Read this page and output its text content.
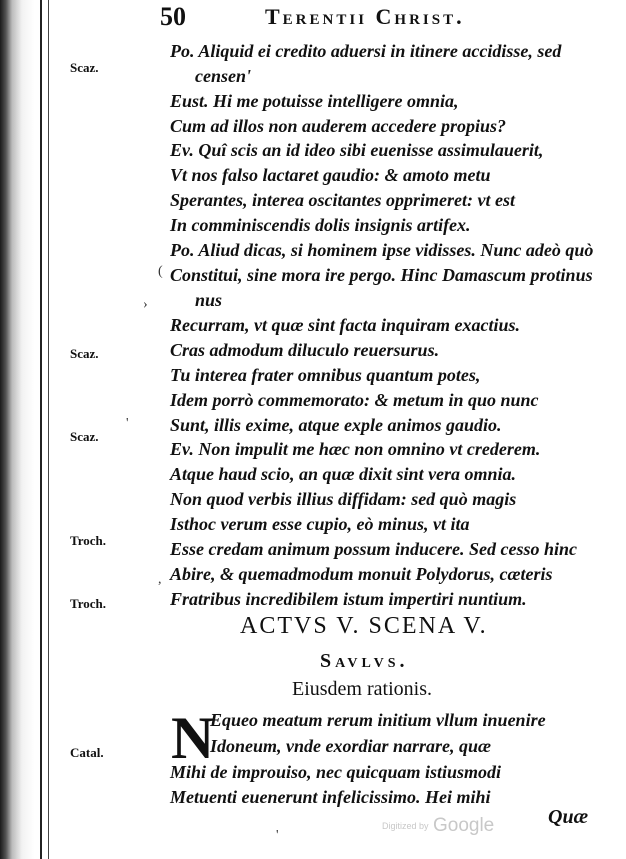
50	Terentii Christ.
Po. Aliquid ei credito aduersi in itinere accidisse, sed
censen'
Eust. Hi me potuisse intelligere omnia,
Cum ad illos non auderem accedere propius?
Ev. Quî scis an id ideo sibi euenisse assimulauerit,
Vt nos falso lactaret gaudio: & amoto metu
Sperantes, interea oscitantes opprimeret: vt est
In comminiscendis dolis insignis artifex.
Po. Aliud dicas, si hominem ipse vidisses. Nunc adeò quò
Constitui, sine mora ire pergo. Hinc Damascum protinus
nus
Recurram, vt quæ sint facta inquiram exactius.
Cras admodum diluculo reuersurus.
Tu interea frater omnibus quantum potes,
Idem porrò commemorato: & metum in quo nunc
Sunt, illis exime, atque exple animos gaudio.
Ev. Non impulit me hæc non omnino vt crederem.
Atque haud scio, an quæ dixit sint vera omnia.
Non quod verbis illius diffidam: sed quò magis
Isthoc verum esse cupio, eò minus, vt ita
Esse credam animum possum inducere. Sed cesso hinc
Abire, & quemadmodum monuit Polydorus, cæteris
Fratribus incredibilem istum impertiri nuntium.
Scaz.
Scaz.
Scaz.
Troch.
Troch.
Catal.
ACTVS V. SCENA V.
Savlvs.
Eiusdem rationis.
N
Equeo meatum rerum initium vllum inuenire
Idoneum, vnde exordiar narrare, quæ
Mihi de improuiso, nec quicquam istiusmodi
Metuenti euenerunt infelicissimo. Hei mihi
Quæ
Digitized by Google
›
(
,
'
'
